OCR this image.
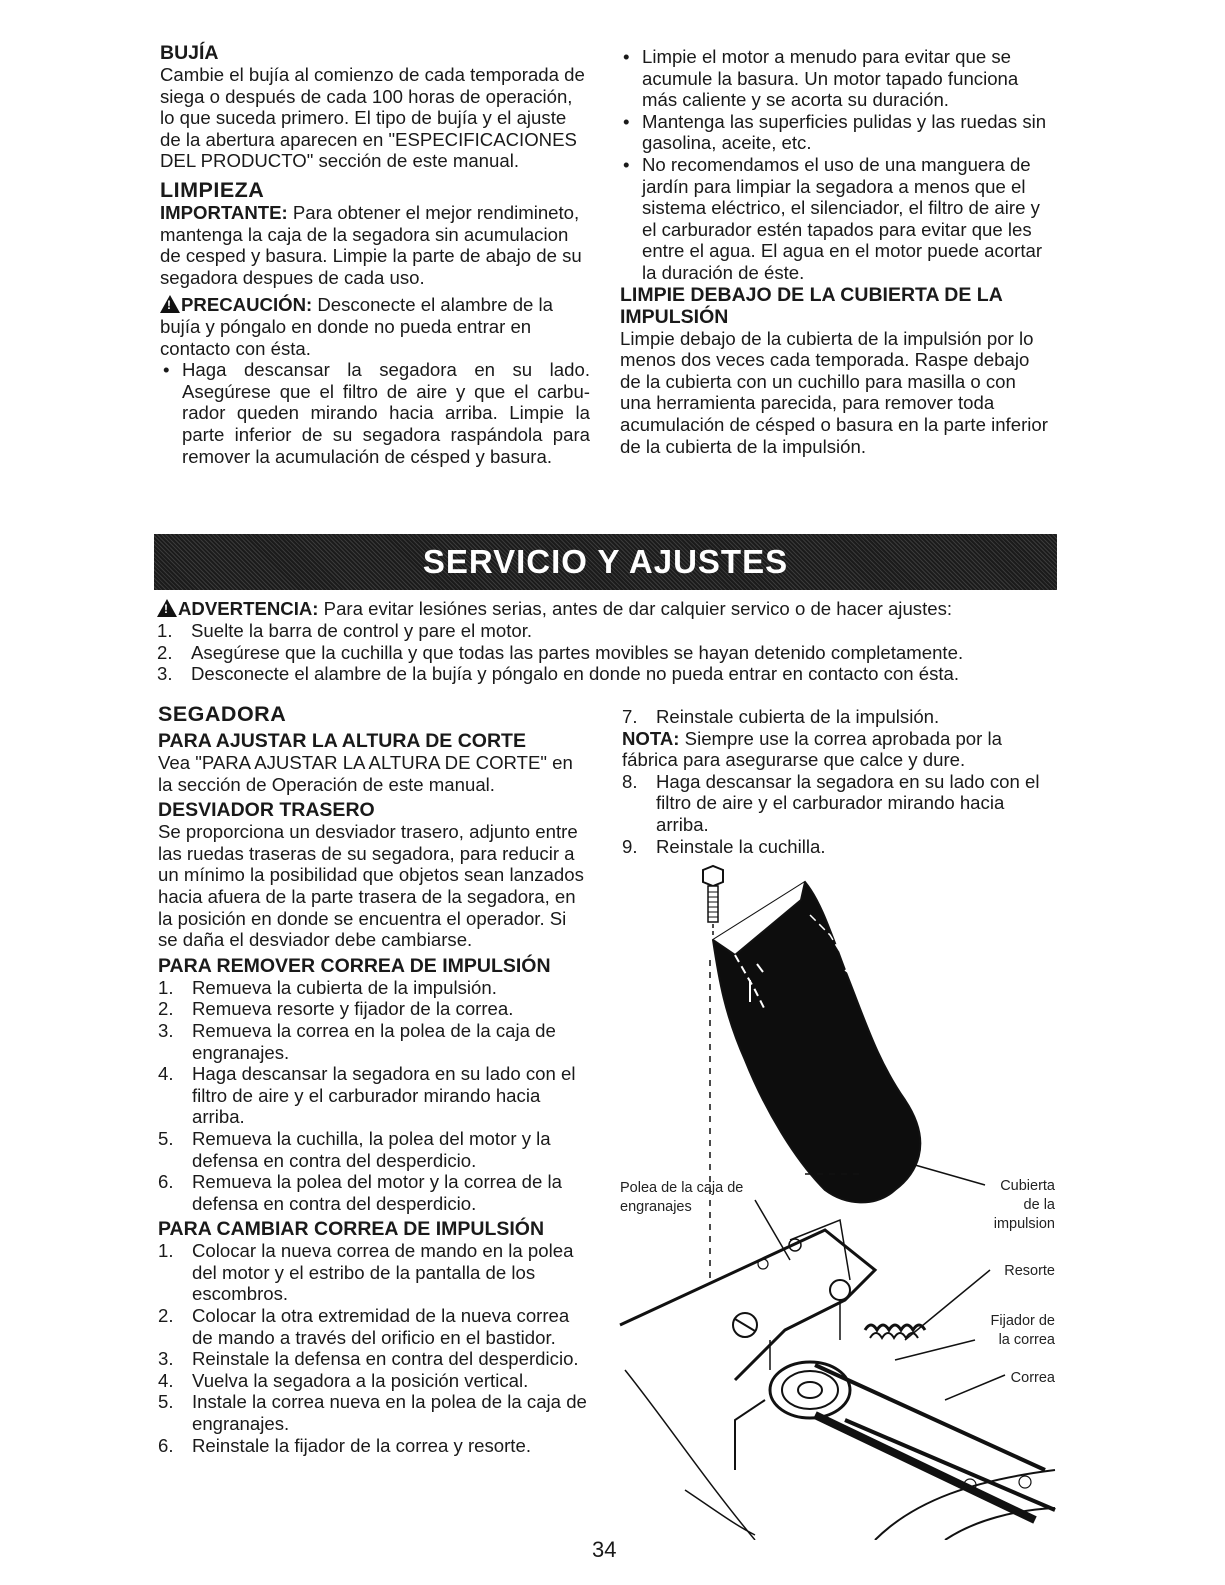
BUJÍA

Cambie el bujía al comienzo de cada temporada de siega o después de cada 100 horas de operación, lo que suceda primero. El tipo de bujía y el ajuste de la abertura aparecen en "ESPECIFICACIONES DEL PRODUCTO" sección de este manual.

LIMPIEZA

IMPORTANTE: Para obtener el mejor rendimineto, mantenga la caja de la segadora sin acumulacion de cesped y basura. Limpie la parte de abajo de su segadora despues de cada uso.

!PRECAUCIÓN: Desconecte el alambre de la bujía y póngalo en donde no pueda entrar en contacto con ésta.

• Haga descansar la segadora en su lado. Asegúrese que el filtro de aire y que el carburador queden mirando hacia arriba. Limpie la parte inferior de su segadora raspándola para remover la acumulación de césped y basura.
• Limpie el motor a menudo para evitar que se acumule la basura. Un motor tapado funciona más caliente y se acorta su duración.
• Mantenga las superficies pulidas y las ruedas sin gasolina, aceite, etc.
• No recomendamos el uso de una manguera de jardín para limpiar la segadora a menos que el sistema eléctrico, el silenciador, el filtro de aire y el carburador estén tapados para evitar que les entre el agua. El agua en el motor puede acortar la duración de éste.

LIMPIE DEBAJO DE LA CUBIERTA DE LA IMPULSIÓN

Limpie debajo de la cubierta de la impulsión por lo menos dos veces cada temporada. Raspe debajo de la cubierta con un cuchillo para masilla o con una herramienta parecida, para remover toda acumulación de césped o basura en la parte inferior de la cubierta de la impulsión.

SERVICIO Y AJUSTES

!ADVERTENCIA: Para evitar lesiónes serias, antes de dar calquier servico o de hacer ajustes:

1. Suelte la barra de control y pare el motor.
2. Asegúrese que la cuchilla y que todas las partes movibles se hayan detenido completamente.
3. Desconecte el alambre de la bujía y póngalo en donde no pueda entrar en contacto con ésta.

SEGADORA

PARA AJUSTAR LA ALTURA DE CORTE

Vea "PARA AJUSTAR LA ALTURA DE CORTE" en la sección de Operación de este manual.

DESVIADOR TRASERO

Se proporciona un desviador trasero, adjunto entre las ruedas traseras de su segadora, para reducir a un mínimo la posibilidad que objetos sean lanzados hacia afuera de la parte trasera de la segadora, en la posición en donde se encuentra el operador. Si se daña el desviador debe cambiarse.

PARA REMOVER CORREA DE IMPULSIÓN

1. Remueva la cubierta de la impulsión.
2. Remueva resorte y fijador de la correa.
3. Remueva la correa en la polea de la caja de engranajes.
4. Haga descansar la segadora en su lado con el filtro de aire y el carburador mirando hacia arriba.
5. Remueva la cuchilla, la polea del motor y la defensa en contra del desperdicio.
6. Remueva la polea del motor y la correa de la defensa en contra del desperdicio.

PARA CAMBIAR CORREA DE IMPULSIÓN

1. Colocar la nueva correa de mando en la polea del motor y el estribo de la pantalla de los escombros.
2. Colocar la otra extremidad de la nueva correa de mando a través del orificio en el bastidor.
3. Reinstale la defensa en contra del desperdicio.
4. Vuelva la segadora a la posición vertical.
5. Instale la correa nueva en la polea de la caja de engranajes.
6. Reinstale la fijador de la correa y resorte.
7. Reinstale cubierta de la impulsión.

NOTA: Siempre use la correa aprobada por la fábrica para asegurarse que calce y dure.

8. Haga descansar la segadora en su lado con el filtro de aire y el carburador mirando hacia arriba.
9. Reinstale la cuchilla.
Polea de la caja de
engranajes
Cubierta
de la
impulsion
Resorte
Fijador de
la correa
Correa
34
